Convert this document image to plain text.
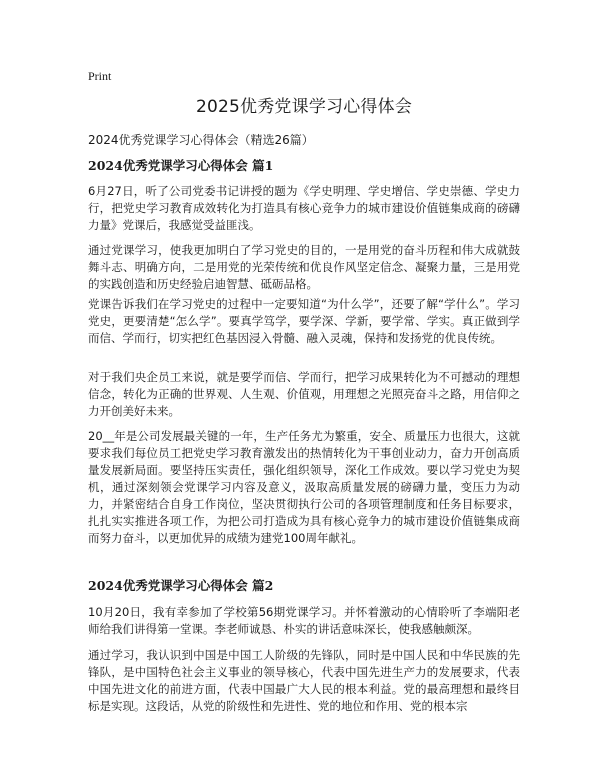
Print
2025优秀党课学习心得体会
2024优秀党课学习心得体会（精选26篇）
2024优秀党课学习心得体会 篇1

6月27日，听了公司党委书记讲授的题为《学史明理、学史增信、学史崇德、学史力行，把党史学习教育成效转化为打造具有核心竞争力的城市建设价值链集成商的磅礴力量》党课后，我感觉受益匪浅。

通过党课学习，使我更加明白了学习党史的目的，一是用党的奋斗历程和伟大成就鼓舞斗志、明确方向，二是用党的光荣传统和优良作风坚定信念、凝聚力量，三是用党的实践创造和历史经验启迪智慧、砥砺品格。

党课告诉我们在学习党史的过程中一定要知道“为什么学”，还要了解“学什么”。学习党史，更要清楚“怎么学”。要真学笃学，要学深、学新，要学常、学实。真正做到学而信、学而行，切实把红色基因浸入骨髓、融入灵魂，保持和发扬党的优良传统。

对于我们央企员工来说，就是要学而信、学而行，把学习成果转化为不可撼动的理想信念，转化为正确的世界观、人生观、价值观，用理想之光照亮奋斗之路，用信仰之力开创美好未来。

20__年是公司发展最关键的一年，生产任务尤为繁重，安全、质量压力也很大，这就要求我们每位员工把党史学习教育激发出的热情转化为干事创业动力，奋力开创高质量发展新局面。要坚持压实责任，强化组织领导，深化工作成效。要以学习党史为契机，通过深刻领会党课学习内容及意义，汲取高质量发展的磅礴力量，变压力为动力，并紧密结合自身工作岗位，坚决贯彻执行公司的各项管理制度和任务目标要求，扎扎实实推进各项工作，为把公司打造成为具有核心竞争力的城市建设价值链集成商而努力奋斗，以更加优异的成绩为建党100周年献礼。

2024优秀党课学习心得体会 篇2

10月20日，我有幸参加了学校第56期党课学习。并怀着激动的心情聆听了李端阳老师给我们讲得第一堂课。李老师诚恳、朴实的讲话意味深长，使我感触颇深。

通过学习，我认识到中国是中国工人阶级的先锋队，同时是中国人民和中华民族的先锋队，是中国特色社会主义事业的领导核心，代表中国先进生产力的发展要求，代表中国先进文化的前进方面，代表中国最广大人民的根本利益。党的最高理想和最终目标是实现。这段话，从党的阶级性和先进性、党的地位和作用、党的根本宗
